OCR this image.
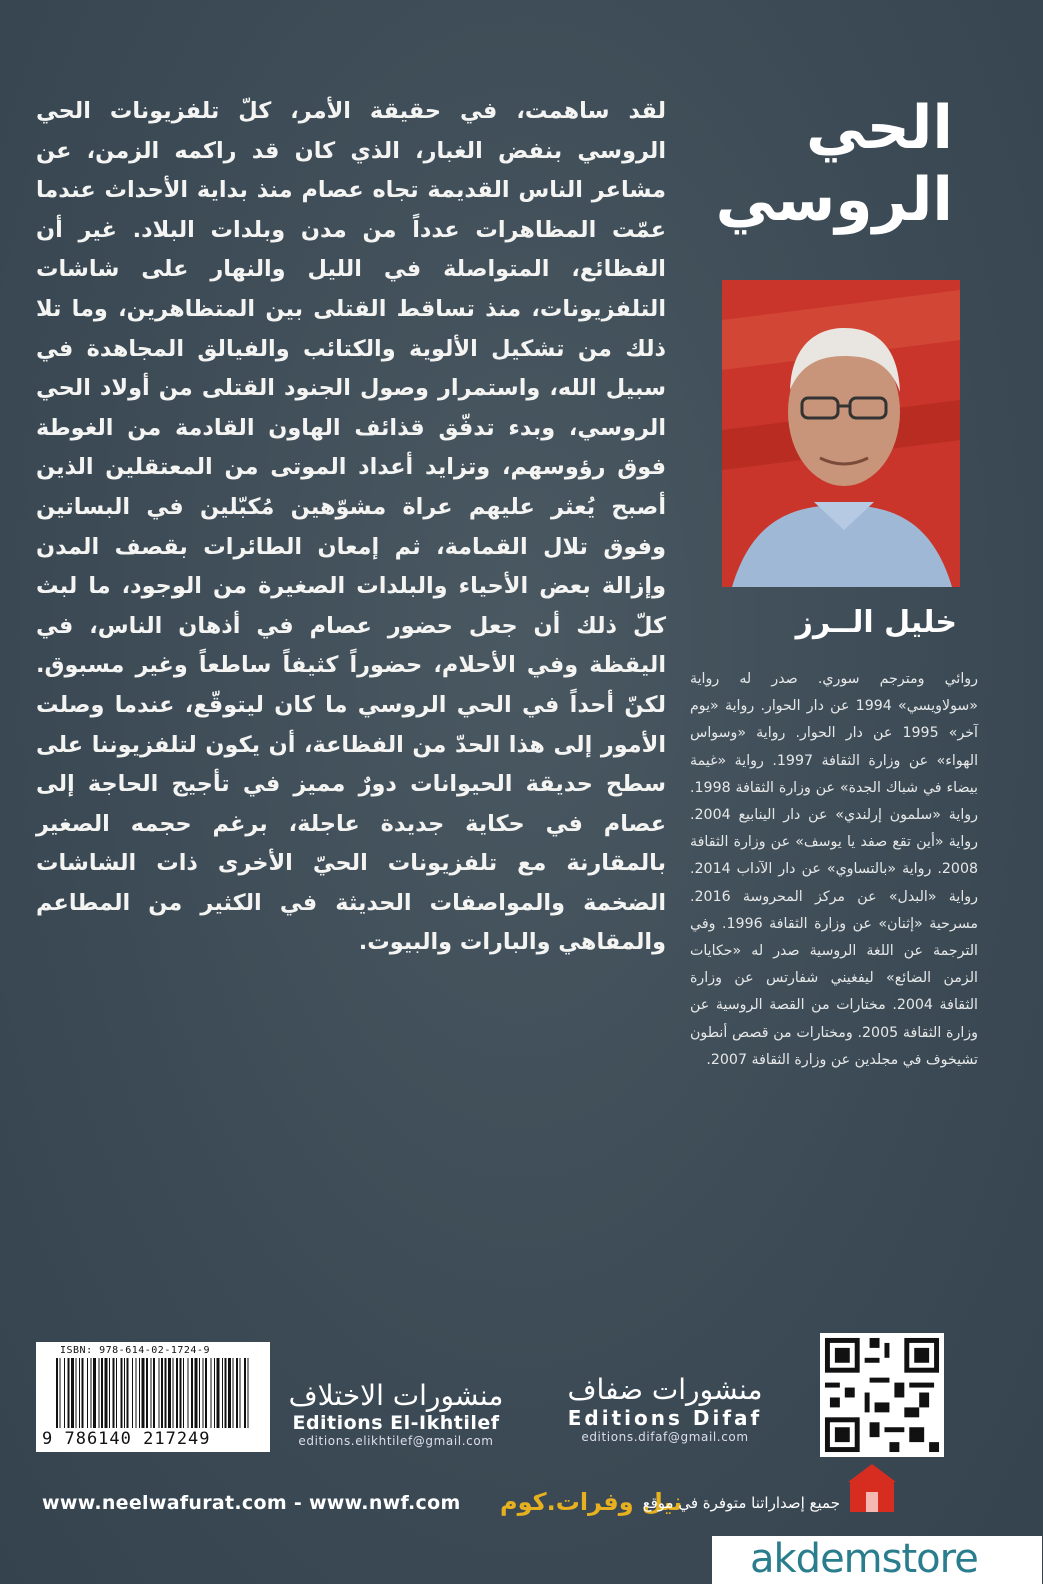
الحي
الروسي
خليل الــرز
روائي ومترجم سوري. صدر له رواية «سولاويسي» 1994 عن دار الحوار. رواية «يوم آخر» 1995 عن دار الحوار. رواية «وسواس الهواء» عن وزارة الثقافة 1997. رواية «غيمة بيضاء في شباك الجدة» عن وزارة الثقافة 1998. رواية «سلمون إرلندي» عن دار الينابيع 2004. رواية «أين تقع صفد يا يوسف» عن وزارة الثقافة 2008. رواية «بالتساوي» عن دار الآداب 2014. رواية «البدل» عن مركز المحروسة 2016. مسرحية «إثنان» عن وزارة الثقافة 1996. وفي الترجمة عن اللغة الروسية صدر له «حكايات الزمن الضائع» ليفغيني شفارتس عن وزارة الثقافة 2004. مختارات من القصة الروسية عن وزارة الثقافة 2005. ومختارات من قصص أنطون تشيخوف في مجلدين عن وزارة الثقافة 2007.
لقد ساهمت، في حقيقة الأمر، كلّ تلفزيونات الحي الروسي بنفض الغبار، الذي كان قد راكمه الزمن، عن مشاعر الناس القديمة تجاه عصام منذ بداية الأحداث عندما عمّت المظاهرات عدداً من مدن وبلدات البلاد. غير أن الفظائع، المتواصلة في الليل والنهار على شاشات التلفزيونات، منذ تساقط القتلى بين المتظاهرين، وما تلا ذلك من تشكيل الألوية والكتائب والفيالق المجاهدة في سبيل الله، واستمرار وصول الجنود القتلى من أولاد الحي الروسي، وبدء تدفّق قذائف الهاون القادمة من الغوطة فوق رؤوسهم، وتزايد أعداد الموتى من المعتقلين الذين أصبح يُعثر عليهم عراة مشوّهين مُكبّلين في البساتين وفوق تلال القمامة، ثم إمعان الطائرات بقصف المدن وإزالة بعض الأحياء والبلدات الصغيرة من الوجود، ما لبث كلّ ذلك أن جعل حضور عصام في أذهان الناس، في اليقظة وفي الأحلام، حضوراً كثيفاً ساطعاً وغير مسبوق. لكنّ أحداً في الحي الروسي ما كان ليتوقّع، عندما وصلت الأمور إلى هذا الحدّ من الفظاعة، أن يكون لتلفزيوننا على سطح حديقة الحيوانات دورٌ مميز في تأجيج الحاجة إلى عصام في حكاية جديدة عاجلة، برغم حجمه الصغير بالمقارنة مع تلفزيونات الحيّ الأخرى ذات الشاشات الضخمة والمواصفات الحديثة في الكثير من المطاعم والمقاهي والبارات والبيوت.
ISBN: 978-614-02-1724-9
9 786140 217249
منشورات الاختلاف
Editions El-Ikhtilef
editions.elikhtilef@gmail.com
منشورات ضفاف
Editions Difaf
editions.difaf@gmail.com
www.neelwafurat.com - www.nwf.com نيل وفرات.كوم
جميع إصداراتنا متوفرة في موقع
akdemstore
